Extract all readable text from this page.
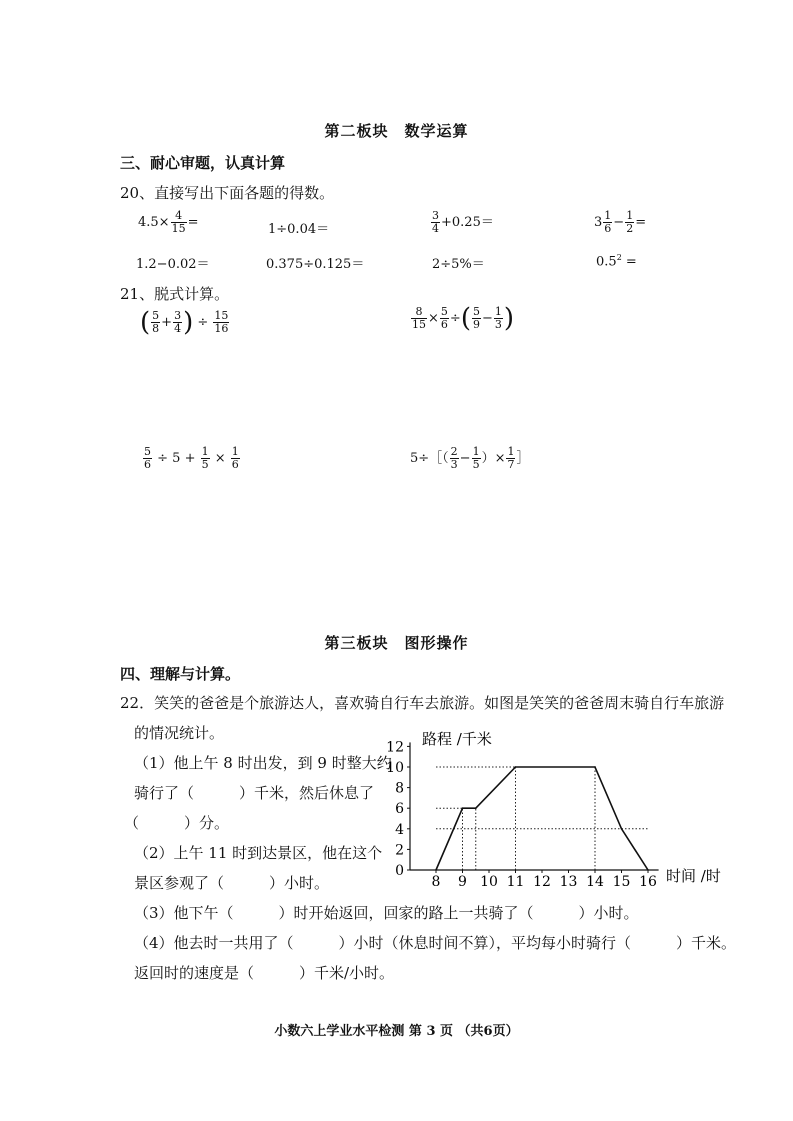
第二板块　数学运算
三、耐心审题，认真计算
20、直接写出下面各题的得数。
$4.5\times \frac{4}{15}$ =	1÷0.04＝	$\frac{3}{4} +0.25=$	$3 \frac{1}{6} - \frac{1}{2}$ =
1.2−0.02＝	0.375÷0.125＝	2÷5%＝	$0.5^2$ =
21、脱式计算。
( $\frac{5}{8} + \frac{3}{4}$ ) ÷ $\frac{15}{16}$	$\frac{8}{15} \times \frac{5}{6}$ ÷( $\frac{5}{9} - \frac{1}{3}$ )
$\frac{5}{6} \div 5 + \frac{1}{5} \times \frac{1}{6}$	5÷［（ $\frac{2}{3} - \frac{1}{5}$ ）× $\frac{1}{7}$ ］
第三板块　图形操作
四、理解与计算。
22．笑笑的爸爸是个旅游达人，喜欢骑自行车去旅游。如图是笑笑的爸爸周末骑自行车旅游
的情况统计。
（1）他上午 8 时出发，到 9 时整大约
骑行了（　　　）千米，然后休息了
（　　　）分。
（2）上午 11 时到达景区，他在这个
景区参观了（　　　）小时。
（3）他下午（　　　）时开始返回，回家的路上一共骑了（　　　）小时。
（4）他去时一共用了（　　　）小时（休息时间不算），平均每小时骑行（　　　）千米。
返回时的速度是（　　　）千米/小时。
0
2
4
6
8
10
12
8 9 10 11 12 13 14 15 16
路程 /千米
时间 /时
小数六上学业水平检测 第 3 页 （共6页）
